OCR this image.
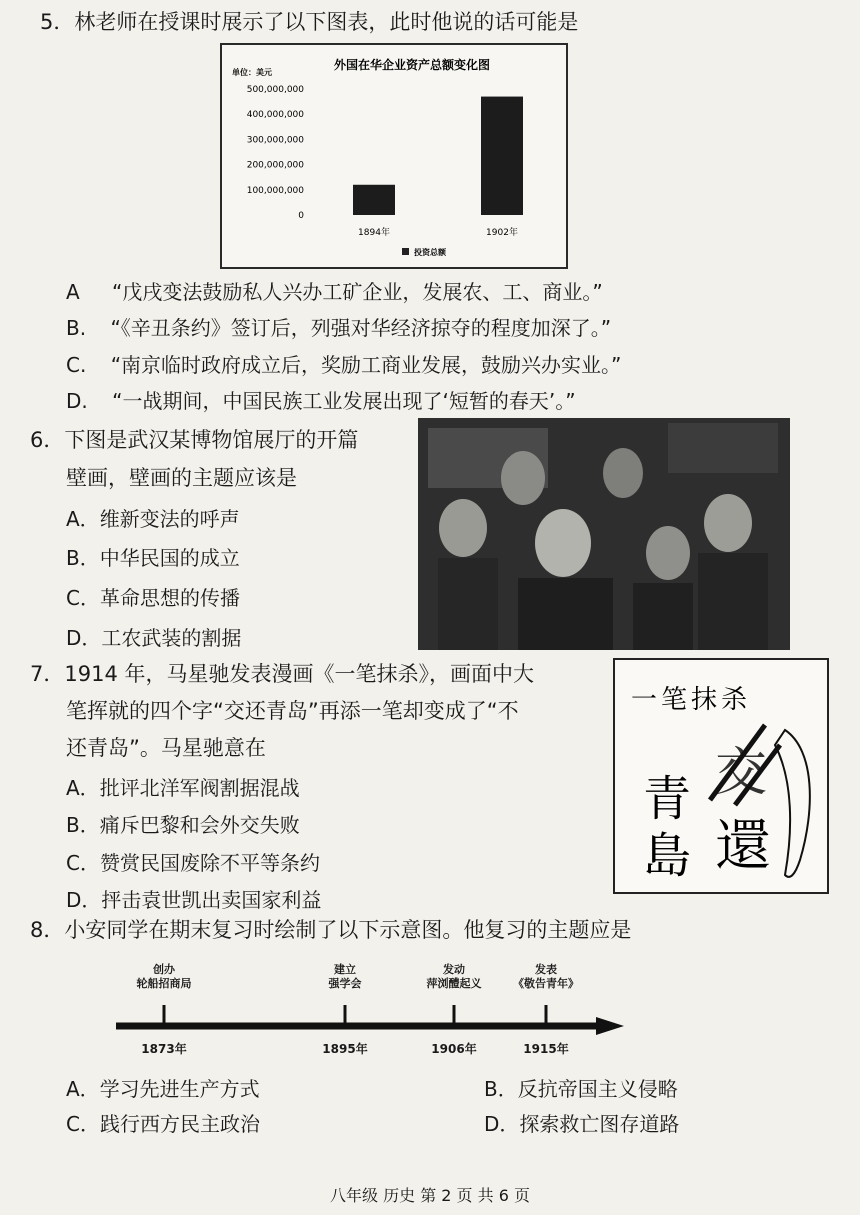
5．林老师在授课时展示了以下图表，此时他说的话可能是
外国在华企业资产总额变化图
单位：美元
500,000,000
400,000,000
300,000,000
200,000,000
100,000,000
0
1894年	1902年
投资总额
A “戊戌变法鼓励私人兴办工矿企业，发展农、工、商业。”
B. “《辛丑条约》签订后，列强对华经济掠夺的程度加深了。”
C. “南京临时政府成立后，奖励工商业发展，鼓励兴办实业。”
D. “一战期间，中国民族工业发展出现了‘短暂的春天’。”
6．下图是武汉某博物馆展厅的开篇
壁画，壁画的主题应该是
A．维新变法的呼声
B．中华民国的成立
C．革命思想的传播
D．工农武装的割据
7．1914 年，马星驰发表漫画《一笔抹杀》，画面中大
笔挥就的四个字“交还青岛”再添一笔却变成了“不
还青岛”。马星驰意在
A．批评北洋军阀割据混战
B．痛斥巴黎和会外交失败
C．赞赏民国废除不平等条约
D．抨击袁世凯出卖国家利益
一笔抹杀
青
島 還
交
8．小安同学在期末复习时绘制了以下示意图。他复习的主题应是
创办
轮船招商局
建立
强学会
发动
萍浏醴起义
发表
《敬告青年》
1873年	1895年	1906年	1915年
A．学习先进生产方式	B．反抗帝国主义侵略
C．践行西方民主政治	D．探索救亡图存道路
八年级 历史 第 2 页 共 6 页
